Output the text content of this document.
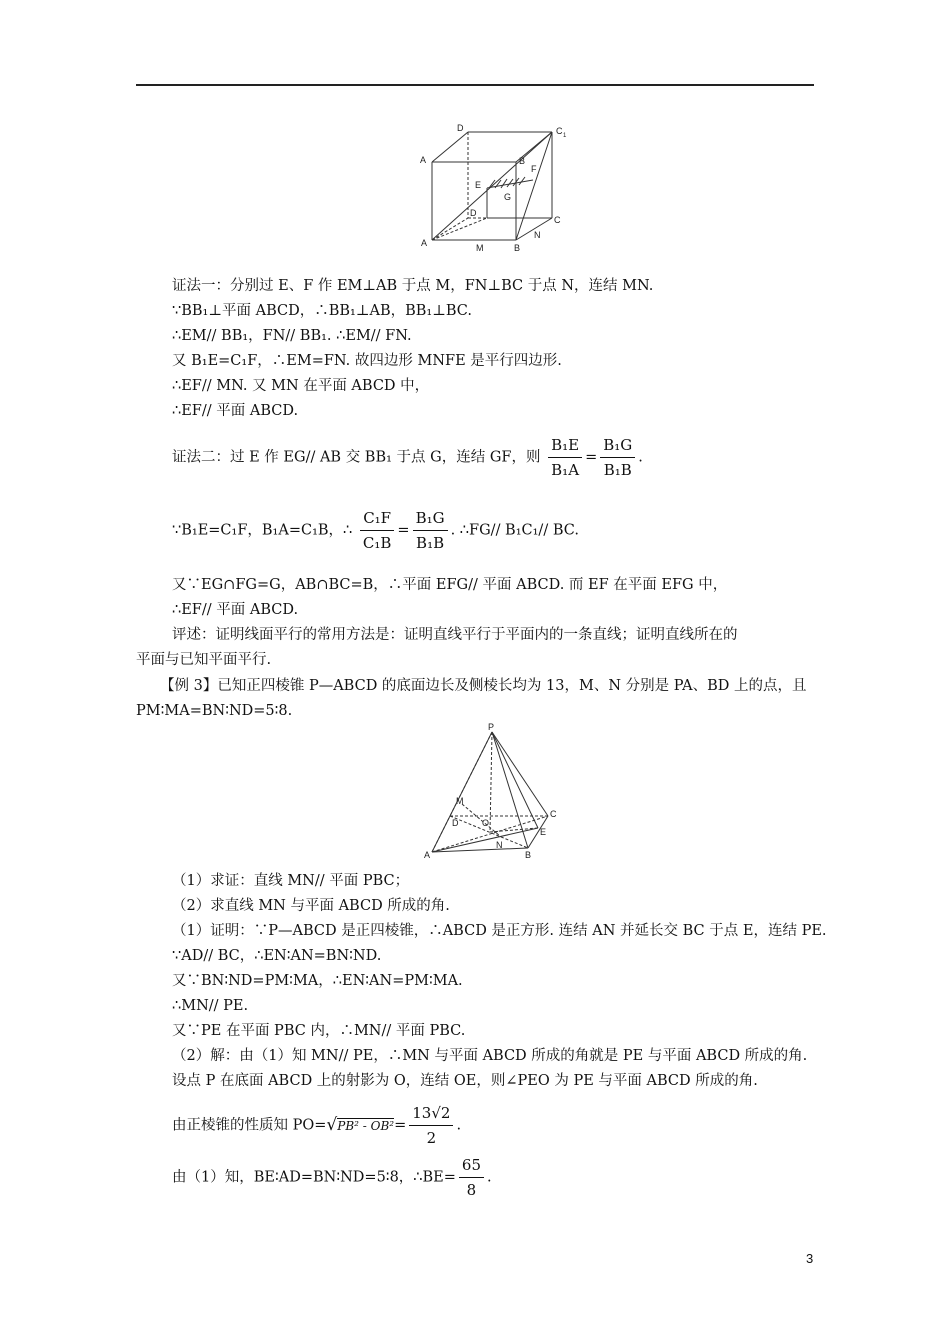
D	C 1
A	B
E
F
G
D
C
A	M	B
N
证法一：分别过 E、F 作 EM⊥AB 于点 M，FN⊥BC 于点 N，连结 MN.
∵BB₁⊥平面 ABCD，∴BB₁⊥AB，BB₁⊥BC.
∴EM// BB₁，FN// BB₁. ∴EM// FN.
又 B₁E=C₁F，∴EM=FN. 故四边形 MNFE 是平行四边形.
∴EF// MN. 又 MN 在平面 ABCD 中，
∴EF// 平面 ABCD.
证法二：过 E 作 EG// AB 交 BB₁ 于点 G，连结 GF，则 $\frac{\text{B₁E}}{\text{B₁A}} = \frac{\text{B₁G}}{\text{B₁B}}$ .
∵B₁E=C₁F，B₁A=C₁B，∴ $\frac{\text{C₁F}}{\text{C₁B}} = \frac{\text{B₁G}}{\text{B₁B}}$ . ∴FG// B₁C₁// BC.
又∵EG∩FG=G，AB∩BC=B，∴平面 EFG// 平面 ABCD. 而 EF 在平面 EFG 中，
∴EF// 平面 ABCD.
评述：证明线面平行的常用方法是：证明直线平行于平面内的一条直线；证明直线所在的
平面与已知平面平行.
【例 3】已知正四棱锥 P—ABCD 的底面边长及侧棱长均为 13，M、N 分别是 PA、BD 上的点，且
PM∶MA=BN∶ND=5∶8.
P
M
C
D	O
E
A
N
B
（1）求证：直线 MN// 平面 PBC；
（2）求直线 MN 与平面 ABCD 所成的角.
（1）证明：∵P—ABCD 是正四棱锥，∴ABCD 是正方形. 连结 AN 并延长交 BC 于点 E，连结 PE.
∵AD// BC，∴EN∶AN=BN∶ND.
又∵BN∶ND=PM∶MA，∴EN∶AN=PM∶MA.
∴MN// PE.
又∵PE 在平面 PBC 内，∴MN// 平面 PBC.
（2）解：由（1）知 MN// PE，∴MN 与平面 ABCD 所成的角就是 PE 与平面 ABCD 所成的角.
设点 P 在底面 ABCD 上的射影为 O，连结 OE，则∠PEO 为 PE 与平面 ABCD 所成的角.
由正棱锥的性质知 $PO=√PB^2 - OB^2= \frac{13√2}{2}$ .
由（1）知，BE∶AD=BN∶ND=5∶8，∴BE= $\frac{65}{8}$ .
3
